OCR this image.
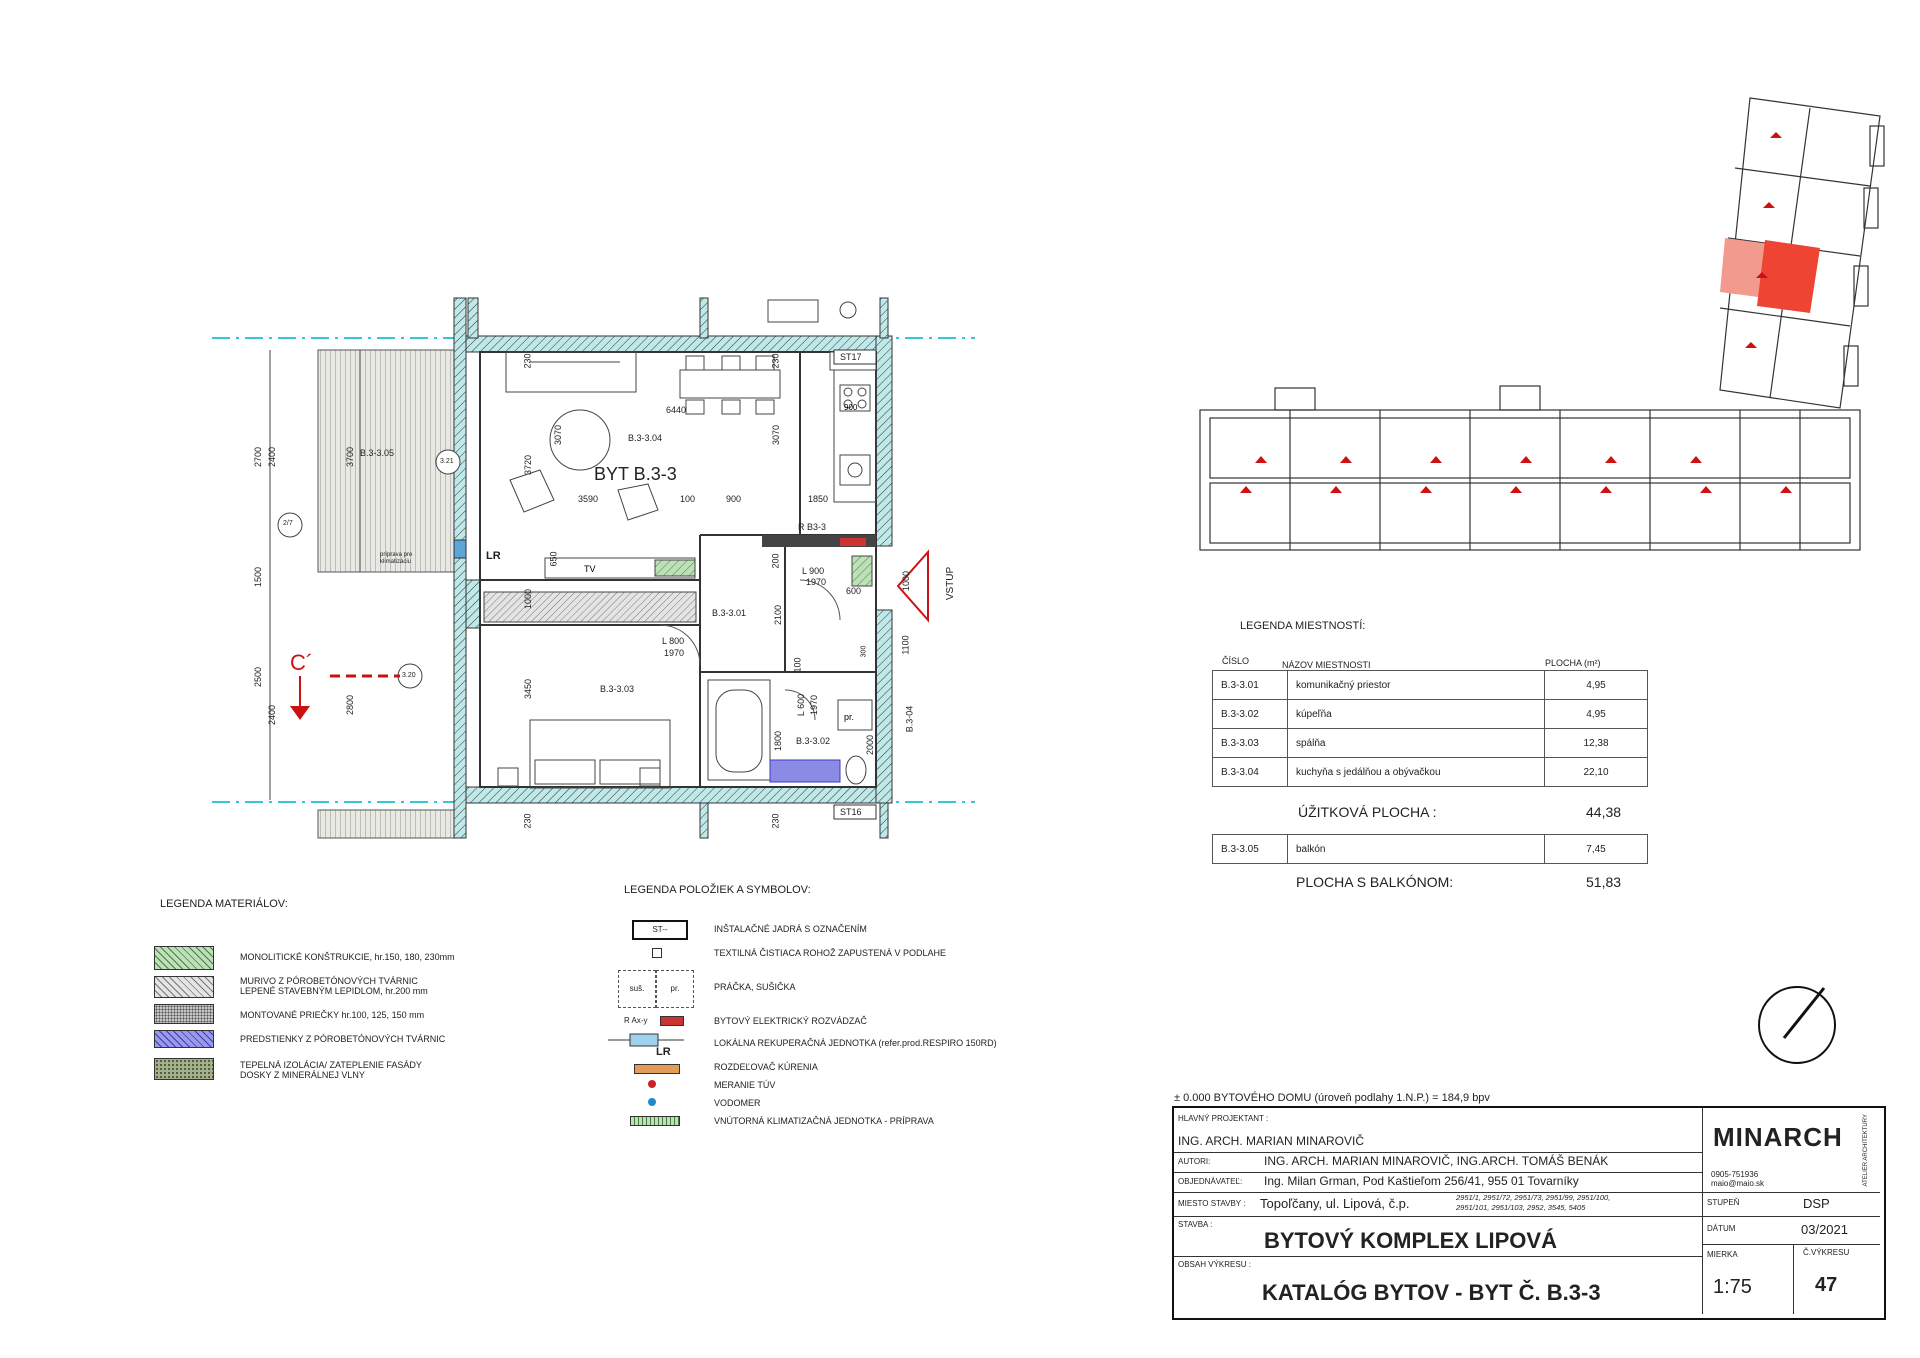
900
TV
pr.
BYT B.3-3
B.3-3.04
B.3-3.01
B.3-3.03
B.3-3.02
B.3-3.05
6440
3590	100	900	1850
3070	3070
3720
3450
2700 2400	3700
1500
2500
2400	2800
230	230
230	230
2100
200
1800
1000
1100
650
600
2000
1000
100
L 900
1970
L 800
1970
L 600 1970
ST17
ST16
R B3-3
LR
príprava pre klimatizáciu
VSTUP
C´
B.3-04
2/7
3.20
3.21
300
LEGENDA MIESTNOSTÍ:
ČÍSLO	NÁZOV MIESTNOSTI	PLOCHA (m²)
B.3-3.01	komunikačný priestor	4,95
B.3-3.02	kúpeľňa	4,95
B.3-3.03	spálňa	12,38
B.3-3.04	kuchyňa s jedálňou a obývačkou	22,10
ÚŽITKOVÁ PLOCHA :	44,38
B.3-3.05	balkón	7,45
PLOCHA S BALKÓNOM:	51,83
LEGENDA MATERIÁLOV:
MONOLITICKÉ KONŠTRUKCIE, hr.150, 180, 230mm
MURIVO Z PÓROBETÓNOVÝCH TVÁRNIC
LEPENÉ STAVEBNÝM LEPIDLOM, hr.200 mm
MONTOVANÉ PRIEČKY hr.100, 125, 150 mm
PREDSTIENKY Z PÓROBETÓNOVÝCH TVÁRNIC
TEPELNÁ IZOLÁCIA/ ZATEPLENIE FASÁDY
DOSKY Z MINERÁLNEJ VLNY
LEGENDA POLOŽIEK A SYMBOLOV:
ST--	INŠTALAČNÉ JADRÁ S OZNAČENÍM
TEXTILNÁ ČISTIACA ROHOŽ ZAPUSTENÁ V PODLAHE
suš.	pr.	PRÁČKA, SUŠIČKA
R Ax-y	BYTOVÝ ELEKTRICKÝ ROZVÁDZAČ
LR
LOKÁLNA REKUPERAČNÁ JEDNOTKA (refer.prod.RESPIRO 150RD)
ROZDEĽOVAČ KÚRENIA
MERANIE TÚV
VODOMER
VNÚTORNÁ KLIMATIZAČNÁ JEDNOTKA - PRÍPRAVA
± 0.000 BYTOVÉHO DOMU (úroveň podlahy 1.N.P.) = 184,9 bpv
HLAVNÝ PROJEKTANT :
ING. ARCH. MARIAN MINAROVIČ
AUTORI:	ING. ARCH. MARIAN MINAROVIČ, ING.ARCH. TOMÁŠ BENÁK
OBJEDNÁVATEĽ: Ing. Milan Grman, Pod Kaštieľom 256/41, 955 01 Tovarníky
MIESTO STAVBY : Topoľčany, ul. Lipová, č.p.	2951/1, 2951/72, 2951/73, 2951/99, 2951/100,
2951/101, 2951/103, 2952, 3545, 5405
STAVBA :
BYTOVÝ KOMPLEX LIPOVÁ
OBSAH VÝKRESU :
KATALÓG BYTOV - BYT Č. B.3-3
MINARCH	ATELIÉR ARCHITEKTÚRY
0905-751936
maio@maio.sk
STUPEŇ	DSP
DÁTUM	03/2021
MIERKA	Č.VÝKRESU
1:75	47
